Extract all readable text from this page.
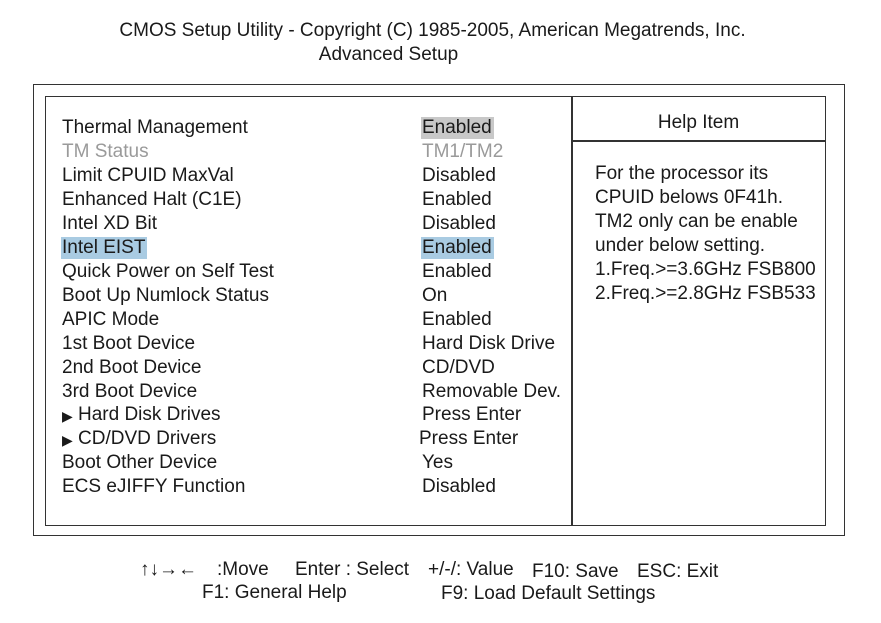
CMOS Setup Utility - Copyright (C) 1985-2005, American Megatrends, Inc.
Advanced Setup
Thermal Management	Enabled
TM Status	TM1/TM2
Limit CPUID MaxVal	Disabled
Enhanced Halt (C1E)	Enabled
Intel XD Bit	Disabled
Intel EIST	Enabled
Quick Power on Self Test	Enabled
Boot Up Numlock Status	On
APIC Mode	Enabled
1st Boot Device	Hard Disk Drive
2nd Boot Device	CD/DVD
3rd Boot Device	Removable Dev.
▶ Hard Disk Drives	Press Enter
▶ CD/DVD Drivers	Press Enter
Boot Other Device	Yes
ECS eJIFFY Function	Disabled
Help Item
For the processor its
CPUID belows 0F41h.
TM2 only can be enable
under below setting.
1.Freq.>=3.6GHz FSB800
2.Freq.>=2.8GHz FSB533
↑↓→← :Move Enter : Select +/-/: Value F10: Save ESC: Exit
F1: General Help	F9: Load Default Settings
